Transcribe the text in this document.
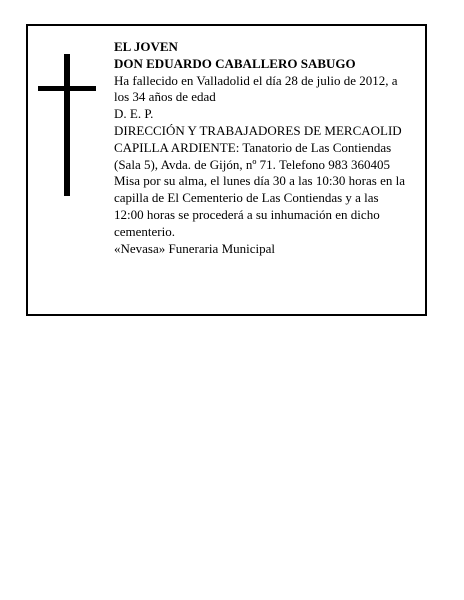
EL JOVEN

DON EDUARDO CABALLERO SABUGO

Ha fallecido en Valladolid el día 28 de julio de 2012, a

los 34 años de edad

D. E. P.

DIRECCIÓN Y TRABAJADORES DE MERCAOLID

CAPILLA ARDIENTE: Tanatorio de Las Contiendas

(Sala 5), Avda. de Gijón, nº 71. Telefono 983 360405

Misa por su alma, el lunes día 30 a las 10:30 horas en la

capilla de El Cementerio de Las Contiendas y a las

12:00 horas se procederá a su inhumación en dicho

cementerio.

«Nevasa» Funeraria Municipal
